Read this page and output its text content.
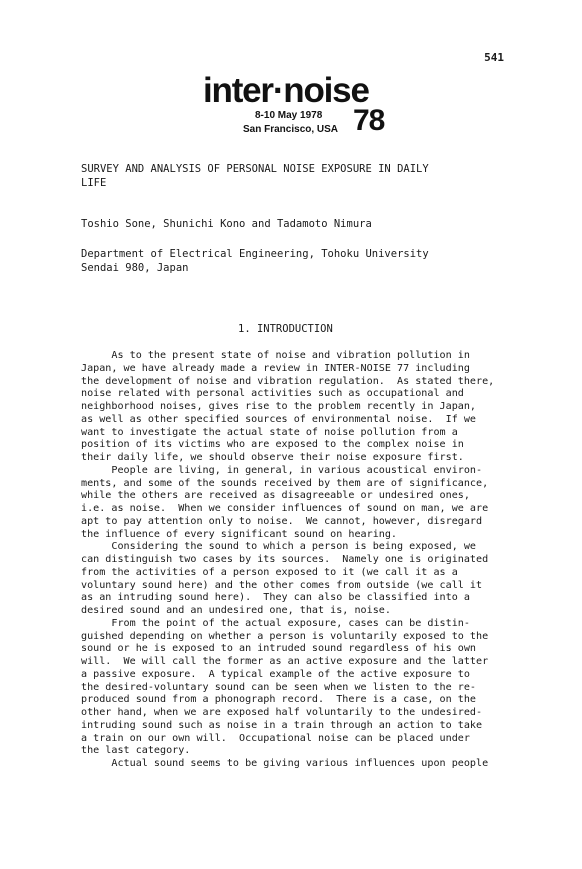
541
inter·noise
8-10 May 1978
San Francisco, USA 78
SURVEY AND ANALYSIS OF PERSONAL NOISE EXPOSURE IN DAILY
LIFE
Toshio Sone, Shunichi Kono and Tadamoto Nimura
Department of Electrical Engineering, Tohoku University
Sendai 980, Japan
1. INTRODUCTION
As to the present state of noise and vibration pollution in
Japan, we have already made a review in INTER-NOISE 77 including
the development of noise and vibration regulation.  As stated there,
noise related with personal activities such as occupational and
neighborhood noises, gives rise to the problem recently in Japan,
as well as other specified sources of environmental noise.  If we
want to investigate the actual state of noise pollution from a
position of its victims who are exposed to the complex noise in
their daily life, we should observe their noise exposure first.
People are living, in general, in various acoustical environ-
ments, and some of the sounds received by them are of significance,
while the others are received as disagreeable or undesired ones,
i.e. as noise.  When we consider influences of sound on man, we are
apt to pay attention only to noise.  We cannot, however, disregard
the influence of every significant sound on hearing.
Considering the sound to which a person is being exposed, we
can distinguish two cases by its sources.  Namely one is originated
from the activities of a person exposed to it (we call it as a
voluntary sound here) and the other comes from outside (we call it
as an intruding sound here).  They can also be classified into a
desired sound and an undesired one, that is, noise.
From the point of the actual exposure, cases can be distin-
guished depending on whether a person is voluntarily exposed to the
sound or he is exposed to an intruded sound regardless of his own
will.  We will call the former as an active exposure and the latter
a passive exposure.  A typical example of the active exposure to
the desired-voluntary sound can be seen when we listen to the re-
produced sound from a phonograph record.  There is a case, on the
other hand, when we are exposed half voluntarily to the undesired-
intruding sound such as noise in a train through an action to take
a train on our own will.  Occupational noise can be placed under
the last category.
Actual sound seems to be giving various influences upon people
